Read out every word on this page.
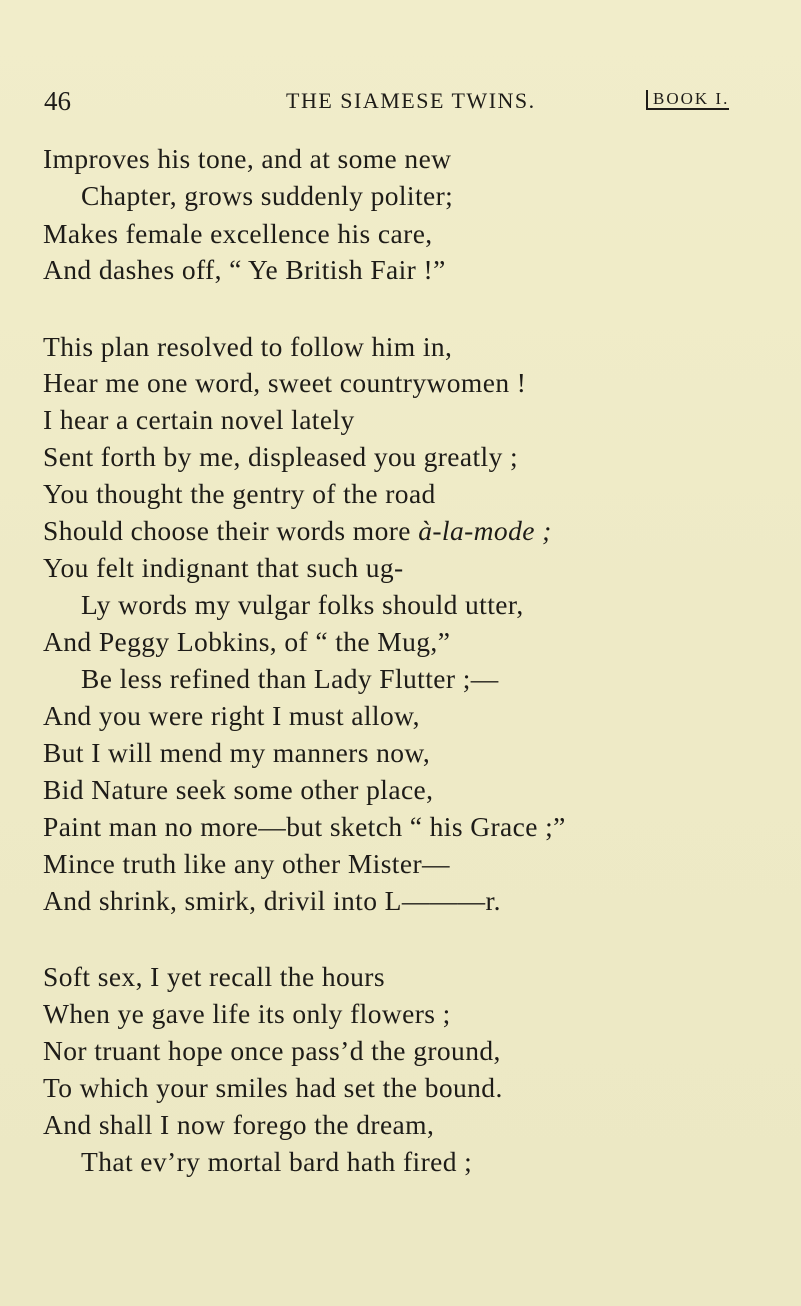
46	THE SIAMESE TWINS.	BOOK I.
Improves his tone, and at some new
Chapter, grows suddenly politer;
Makes female excellence his care,
And dashes off, “ Ye British Fair !”
This plan resolved to follow him in,
Hear me one word, sweet countrywomen !
I hear a certain novel lately
Sent forth by me, displeased you greatly ;
You thought the gentry of the road
Should choose their words more à-la-mode ;
You felt indignant that such ug-
Ly words my vulgar folks should utter,
And Peggy Lobkins, of “ the Mug,”
Be less refined than Lady Flutter ;—
And you were right I must allow,
But I will mend my manners now,
Bid Nature seek some other place,
Paint man no more—but sketch “ his Grace ;”
Mince truth like any other Mister—
And shrink, smirk, drivil into L———r.
Soft sex, I yet recall the hours
When ye gave life its only flowers ;
Nor truant hope once pass’d the ground,
To which your smiles had set the bound.
And shall I now forego the dream,
That ev’ry mortal bard hath fired ;
